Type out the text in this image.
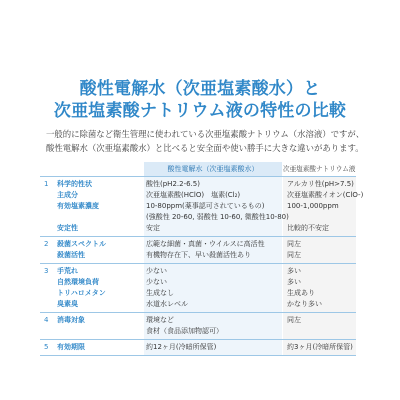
酸性電解水（次亜塩素酸水）と
次亜塩素酸ナトリウム液の特性の比較
一般的に除菌など衛生管理に使われている次亜塩素酸ナトリウム（水溶液）ですが、
酸性電解水（次亜塩素酸水）と比べると安全面や使い勝手に大きな違いがあります。
酸性電解水（次亜塩素酸水）	次亜塩素酸ナトリウム液
1 科学的性状	酸性(pH2.2-6.5)	アルカリ性(pH>7.5)
主成分	次亜塩素酸(HClO)　塩素(Cl₂)	次亜塩素酸イオン(ClO-)
有効塩素濃度	10-80ppm(薬事認可されているもの)	100-1,000ppm
(強酸性 20-60, 弱酸性 10-60, 微酸性10-80)
安定性	安定	比較的不安定
2 殺菌スペクトル	広範な細菌・真菌・ウイルスに高活性	同左
殺菌活性	有機物存在下、早い殺菌活性あり	同左
3 手荒れ	少ない	多い
自然環境負荷	少ない	多い
トリハロメタン	生成なし	生成あり
臭素臭	水道水レベル	かなり多い
4 消毒対象	環境など	同左
食材（食品添加物認可）
5 有効期限	約12ヶ月(冷暗所保管)	約3ヶ月(冷暗所保管)
